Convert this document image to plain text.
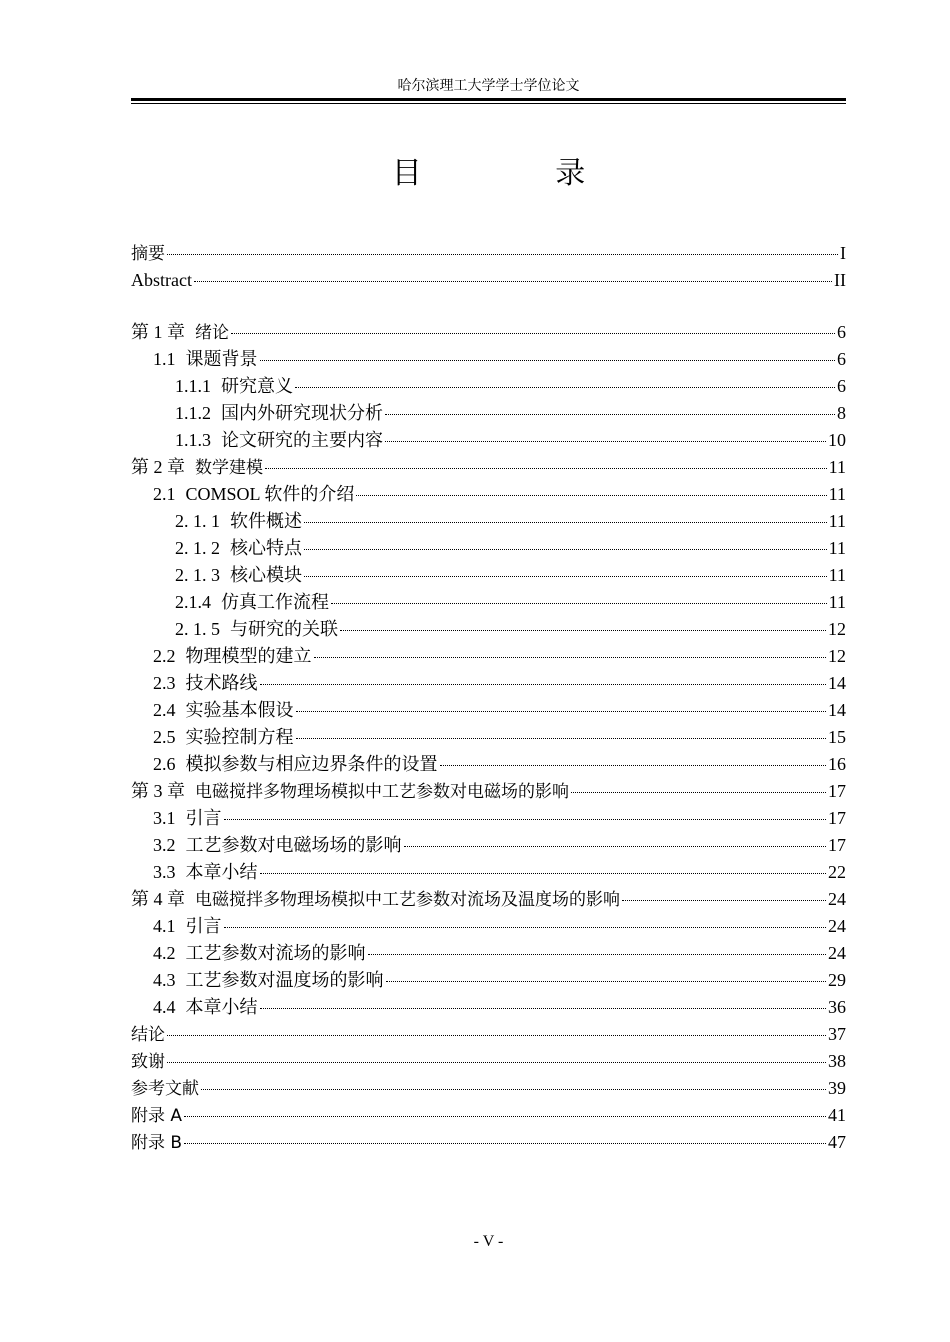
哈尔滨理工大学学士学位论文
目 录
摘要	I
Abstract	II
第 1 章 绪论	6
1.1 课题背景	6
1.1.1 研究意义	6
1.1.2 国内外研究现状分析	8
1.1.3 论文研究的主要内容	10
第 2 章 数学建模	11
2.1 COMSOL 软件的介绍	11
2. 1. 1 软件概述	11
2. 1. 2 核心特点	11
2. 1. 3 核心模块	11
2.1.4 仿真工作流程	11
2. 1. 5 与研究的关联	12
2.2 物理模型的建立	12
2.3 技术路线	14
2.4 实验基本假设	14
2.5 实验控制方程	15
2.6 模拟参数与相应边界条件的设置	16
第 3 章 电磁搅拌多物理场模拟中工艺参数对电磁场的影响	17
3.1 引言	17
3.2 工艺参数对电磁场场的影响	17
3.3 本章小结	22
第 4 章 电磁搅拌多物理场模拟中工艺参数对流场及温度场的影响	24
4.1 引言	24
4.2 工艺参数对流场的影响	24
4.3 工艺参数对温度场的影响	29
4.4 本章小结	36
结论	37
致谢	38
参考文献	39
附录 A	41
附录 B	47
- V -
